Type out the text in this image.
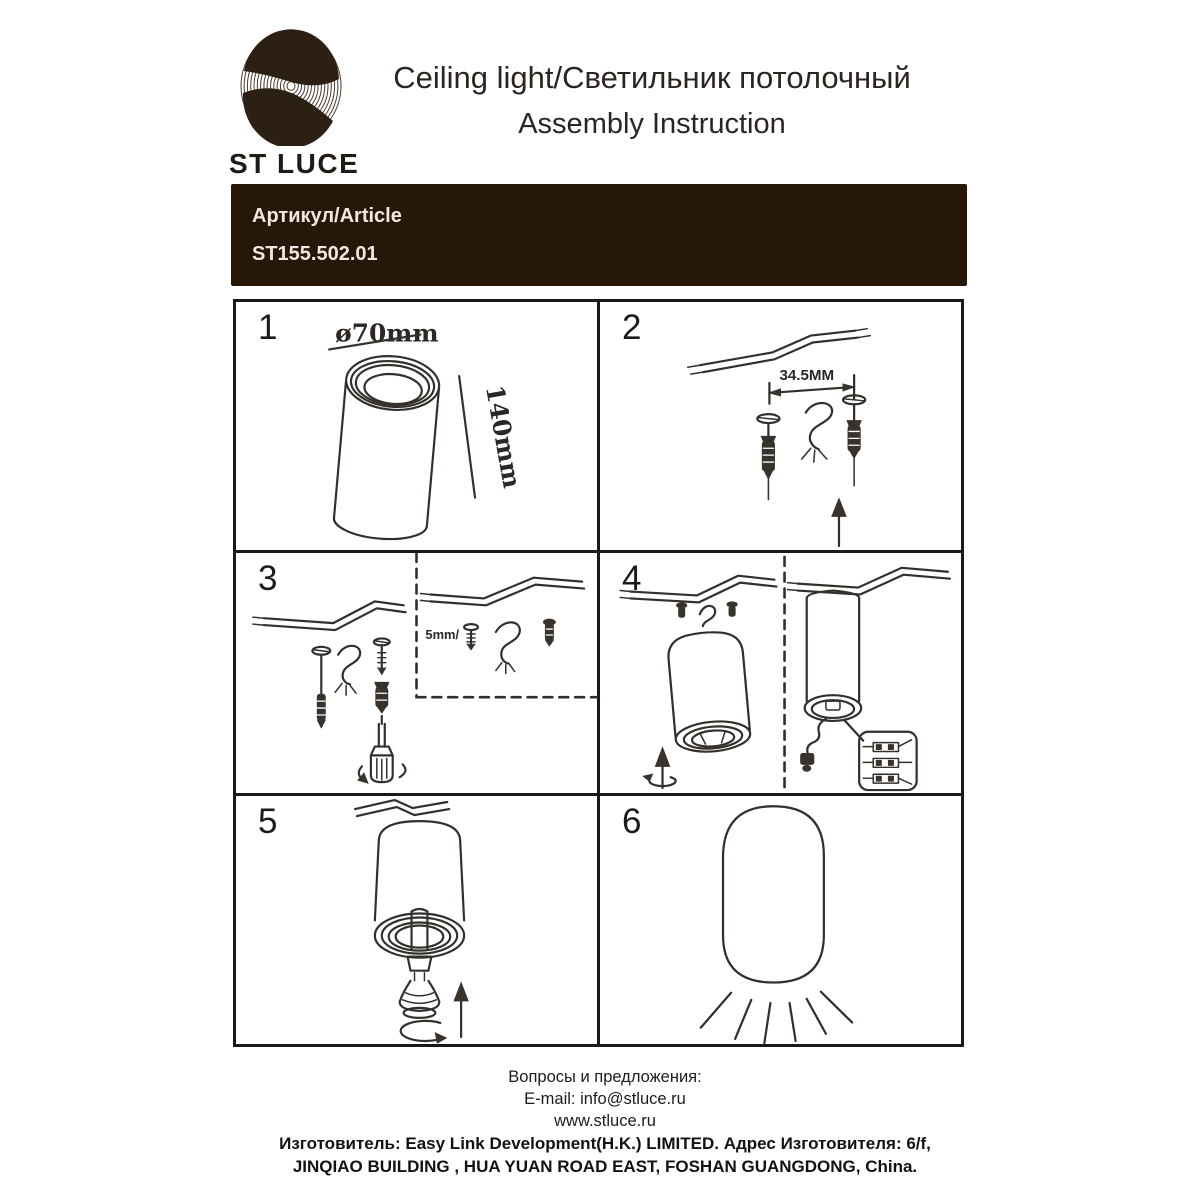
ST LUCE
Ceiling light/Светильник потолочный
Assembly Instruction
Артикул/Article
ST155.502.01
1 ø70mm
140mm
2
34.5MM
3
5mm/
4
5	6
Вопросы и предложения:
E-mail: info@stluce.ru
www.stluce.ru
Изготовитель: Easy Link Development(H.K.) LIMITED. Адрес Изготовителя: 6/f,
JINQIAO BUILDING , HUA YUAN ROAD EAST, FOSHAN GUANGDONG, China.
